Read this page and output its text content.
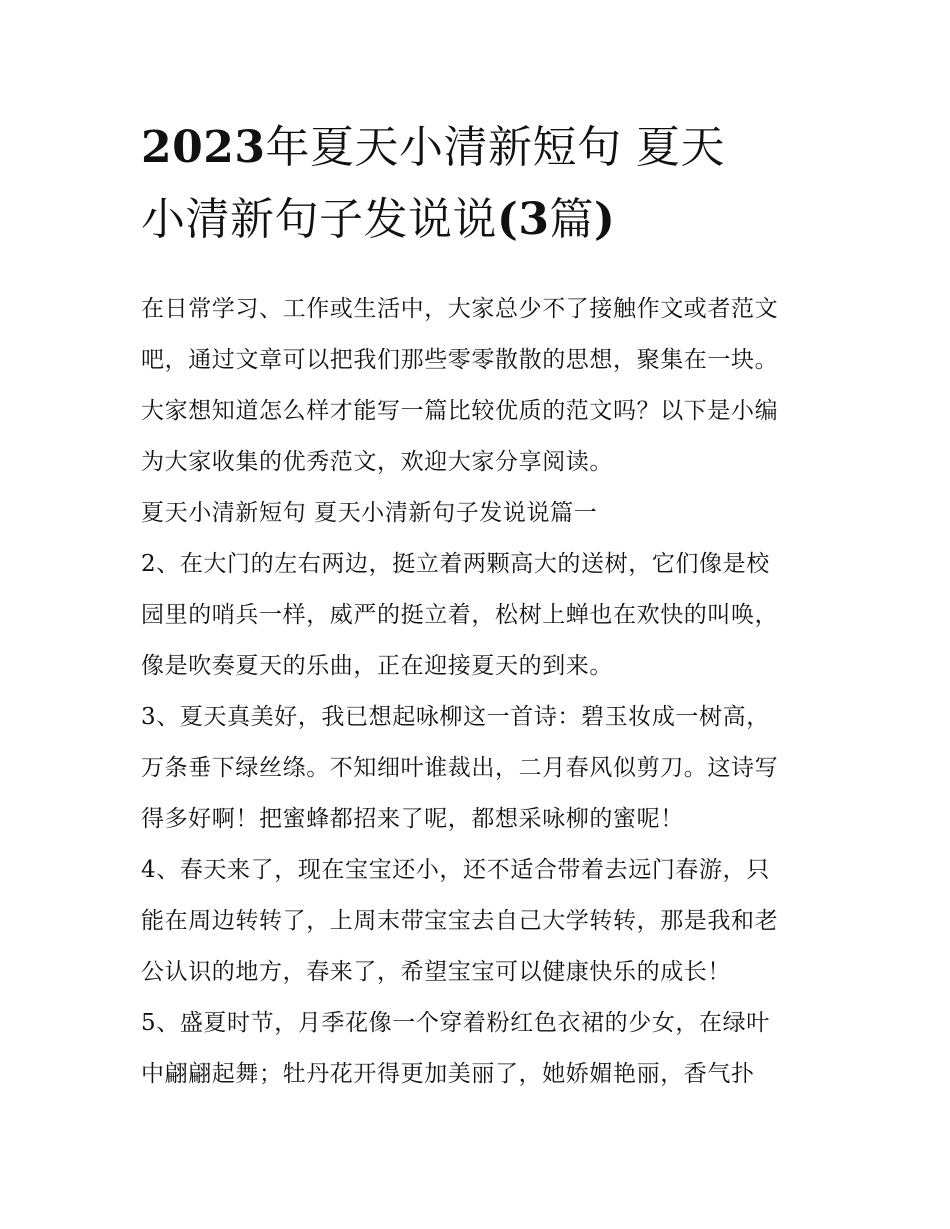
2023年夏天小清新短句 夏天
小清新句子发说说(3篇)

在日常学习、工作或生活中，大家总少不了接触作文或者范文
吧，通过文章可以把我们那些零零散散的思想，聚集在一块。
大家想知道怎么样才能写一篇比较优质的范文吗？以下是小编
为大家收集的优秀范文，欢迎大家分享阅读。

夏天小清新短句 夏天小清新句子发说说篇一

2、在大门的左右两边，挺立着两颗高大的送树，它们像是校
园里的哨兵一样，威严的挺立着，松树上蝉也在欢快的叫唤，
像是吹奏夏天的乐曲，正在迎接夏天的到来。

3、夏天真美好，我已想起咏柳这一首诗：碧玉妆成一树高，
万条垂下绿丝绦。不知细叶谁裁出，二月春风似剪刀。这诗写
得多好啊！把蜜蜂都招来了呢，都想采咏柳的蜜呢！

4、春天来了，现在宝宝还小，还不适合带着去远门春游，只
能在周边转转了，上周末带宝宝去自己大学转转，那是我和老
公认识的地方，春来了，希望宝宝可以健康快乐的成长！

5、盛夏时节，月季花像一个穿着粉红色衣裙的少女，在绿叶
中翩翩起舞；牡丹花开得更加美丽了，她娇媚艳丽，香气扑
